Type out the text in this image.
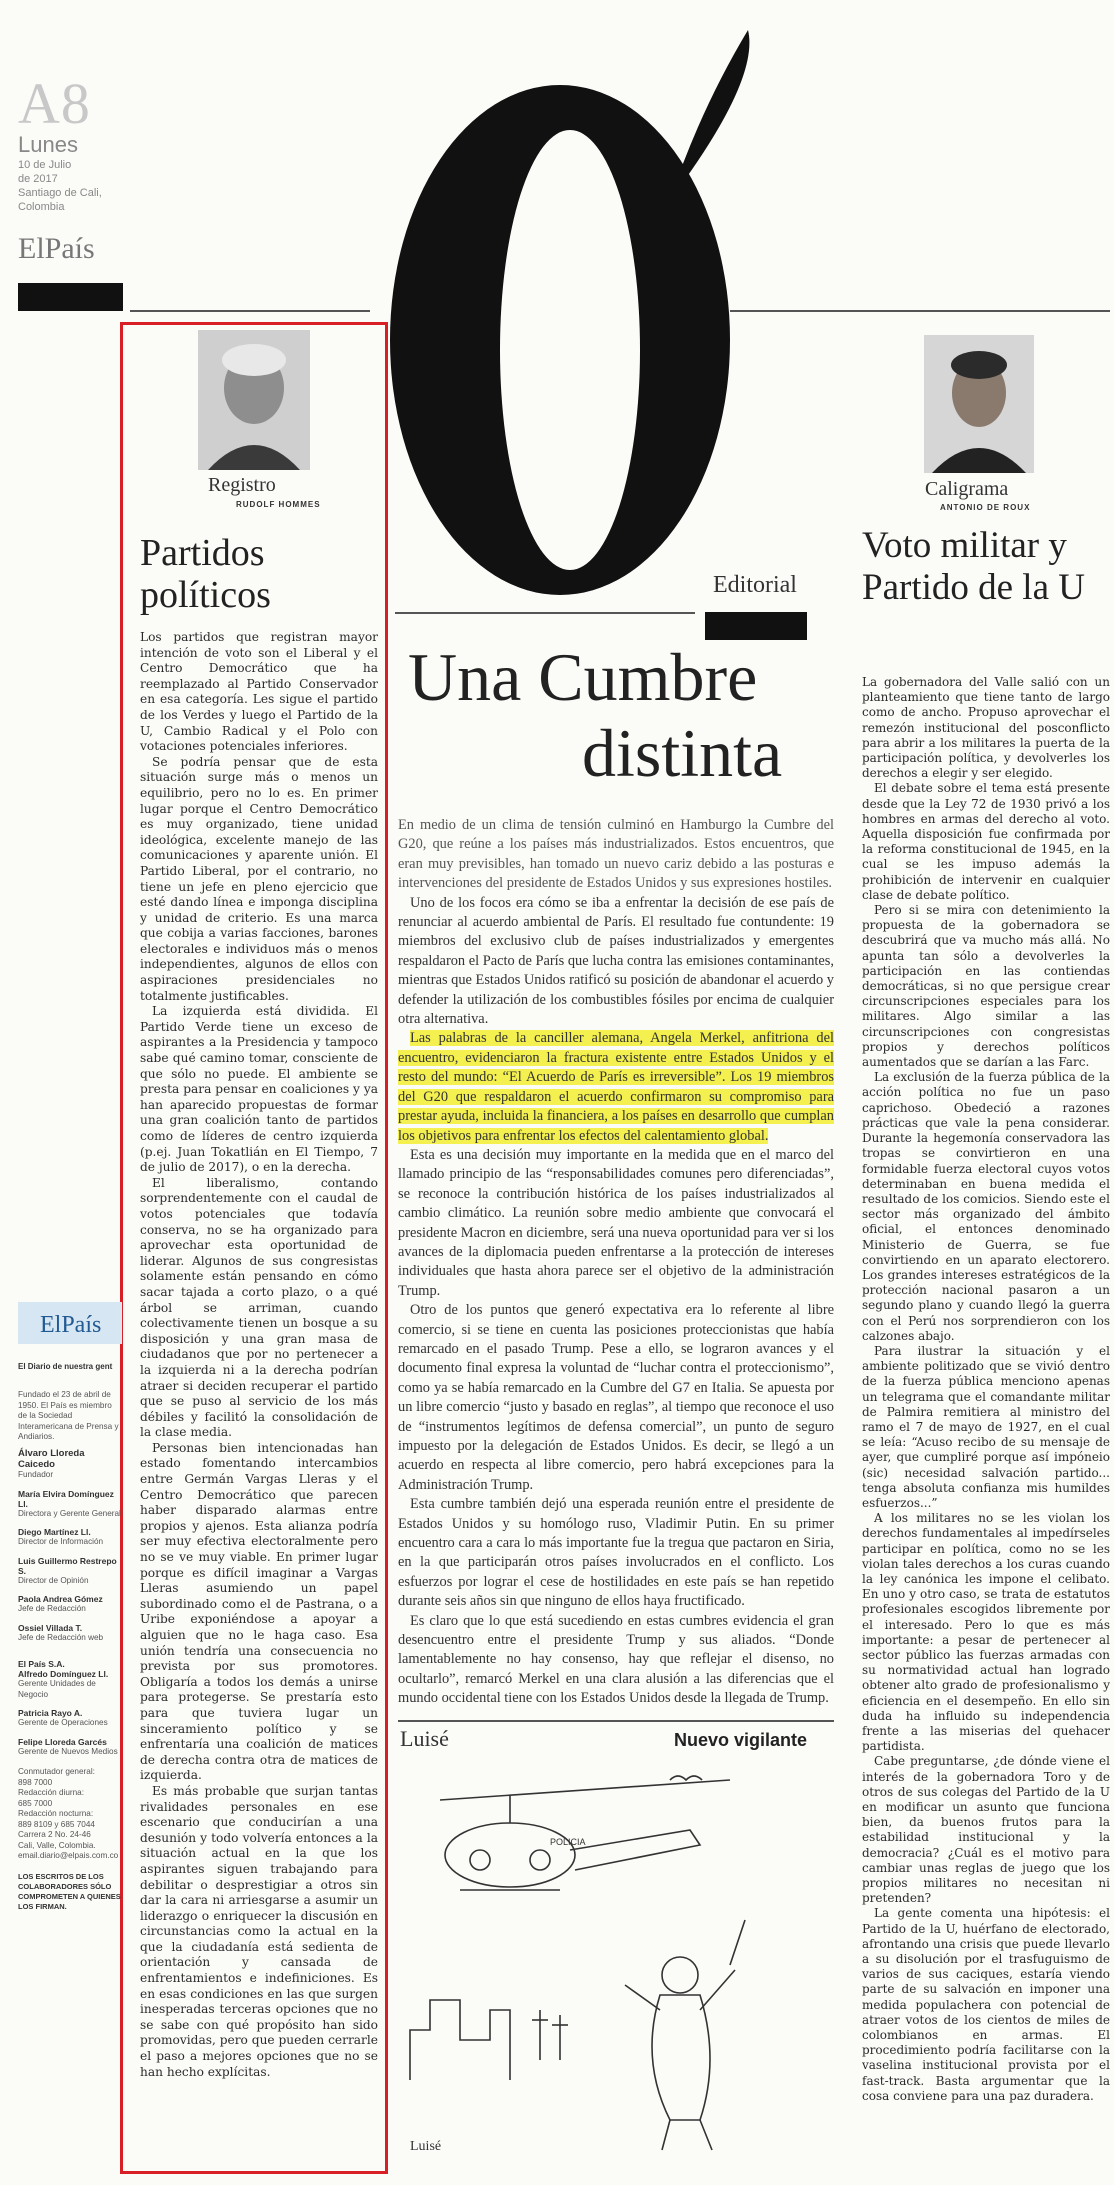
A8
Lunes
10 de Julio
de 2017
Santiago de Cali,
Colombia
ElPaís
Registro
RUDOLF HOMMES
Partidos políticos

Los partidos que registran mayor intención de voto son el Liberal y el Centro Democrático que ha reemplazado al Partido Conservador en esa categoría. Les sigue el partido de los Verdes y luego el Partido de la U, Cambio Radical y el Polo con votaciones potenciales inferiores.

Se podría pensar que de esta situación surge más o menos un equilibrio, pero no lo es. En primer lugar porque el Centro Democrático es muy organizado, tiene unidad ideológica, excelente manejo de las comunicaciones y aparente unión. El Partido Liberal, por el contrario, no tiene un jefe en pleno ejercicio que esté dando línea e imponga disciplina y unidad de criterio. Es una marca que cobija a varias facciones, barones electorales e individuos más o menos independientes, algunos de ellos con aspiraciones presidenciales no totalmente justificables.

La izquierda está dividida. El Partido Verde tiene un exceso de aspirantes a la Presidencia y tampoco sabe qué camino tomar, consciente de que sólo no puede. El ambiente se presta para pensar en coaliciones y ya han aparecido propuestas de formar una gran coalición tanto de partidos como de líderes de centro izquierda (p.ej. Juan Tokatlián en El Tiempo, 7 de julio de 2017), o en la derecha.

El liberalismo, contando sorprendentemente con el caudal de votos potenciales que todavía conserva, no se ha organizado para aprovechar esta oportunidad de liderar. Algunos de sus congresistas solamente están pensando en cómo sacar tajada a corto plazo, o a qué árbol se arriman, cuando colectivamente tienen un bosque a su disposición y una gran masa de ciudadanos que por no pertenecer a la izquierda ni a la derecha podrían atraer si deciden recuperar el partido que se puso al servicio de los más débiles y facilitó la consolidación de la clase media.

Personas bien intencionadas han estado fomentando intercambios entre Germán Vargas Lleras y el Centro Democrático que parecen haber disparado alarmas entre propios y ajenos. Esta alianza podría ser muy efectiva electoralmente pero no se ve muy viable. En primer lugar porque es difícil imaginar a Vargas Lleras asumiendo un papel subordinado como el de Pastrana, o a Uribe exponiéndose a apoyar a alguien que no le haga caso. Esa unión tendría una consecuencia no prevista por sus promotores. Obligaría a todos los demás a unirse para protegerse. Se prestaría esto para que tuviera lugar un sinceramiento político y se enfrentaría una coalición de matices de derecha contra otra de matices de izquierda.

Es más probable que surjan tantas rivalidades personales en ese escenario que conducirían a una desunión y todo volvería entonces a la situación actual en la que los aspirantes siguen trabajando para debilitar o desprestigiar a otros sin dar la cara ni arriesgarse a asumir un liderazgo o enriquecer la discusión en circunstancias como la actual en la que la ciudadanía está sedienta de orientación y cansada de enfrentamientos e indefiniciones. Es en esas condiciones en las que surgen inesperadas terceras opciones que no se sabe con qué propósito han sido promovidas, pero que pueden cerrarle el paso a mejores opciones que no se han hecho explícitas.

ElPaís
El Diario de nuestra gent
Fundado el 23 de abril de 1950. El País es miembro de la Sociedad Interamericana de Prensa y Andiarios.
Álvaro Lloreda Caicedo
Fundador
María Elvira Domínguez Ll.
Directora y Gerente General
Diego Martínez Ll.
Director de Información
Luis Guillermo Restrepo S.
Director de Opinión
Paola Andrea Gómez
Jefe de Redacción
Ossiel Villada T.
Jefe de Redacción web
El País S.A.
Alfredo Domínguez Ll.
Gerente Unidades de Negocio
Patricia Rayo A.
Gerente de Operaciones
Felipe Lloreda Garcés
Gerente de Nuevos Medios
Conmutador general:
898 7000
Redacción diurna:
685 7000
Redacción nocturna:
889 8109 y 685 7044
Carrera 2 No. 24-46
Cali, Valle, Colombia.
email.diario@elpais.com.co
LOS ESCRITOS DE LOS COLABORADORES SÓLO COMPROMETEN A QUIENES LOS FIRMAN.
Editorial
Una Cumbre
distinta

En medio de un clima de tensión culminó en Hamburgo la Cumbre del G20, que reúne a los países más industrializados. Estos encuentros, que eran muy previsibles, han tomado un nuevo cariz debido a las posturas e intervenciones del presidente de Estados Unidos y sus expresiones hostiles.

Uno de los focos era cómo se iba a enfrentar la decisión de ese país de renunciar al acuerdo ambiental de París. El resultado fue contundente: 19 miembros del exclusivo club de países industrializados y emergentes respaldaron el Pacto de París que lucha contra las emisiones contaminantes, mientras que Estados Unidos ratificó su posición de abandonar el acuerdo y defender la utilización de los combustibles fósiles por encima de cualquier otra alternativa.

Las palabras de la canciller alemana, Angela Merkel, anfitriona del encuentro, evidenciaron la fractura existente entre Estados Unidos y el resto del mundo: “El Acuerdo de París es irreversible”. Los 19 miembros del G20 que respaldaron el acuerdo confirmaron su compromiso para prestar ayuda, incluida la financiera, a los países en desarrollo que cumplan los objetivos para enfrentar los efectos del calentamiento global.

Esta es una decisión muy importante en la medida que en el marco del llamado principio de las “responsabilidades comunes pero diferenciadas”, se reconoce la contribución histórica de los países industrializados al cambio climático. La reunión sobre medio ambiente que convocará el presidente Macron en diciembre, será una nueva oportunidad para ver si los avances de la diplomacia pueden enfrentarse a la protección de intereses individuales que hasta ahora parece ser el objetivo de la administración Trump.

Otro de los puntos que generó expectativa era lo referente al libre comercio, si se tiene en cuenta las posiciones proteccionistas que había remarcado en el pasado Trump. Pese a ello, se lograron avances y el documento final expresa la voluntad de “luchar contra el proteccionismo”, como ya se había remarcado en la Cumbre del G7 en Italia. Se apuesta por un libre comercio “justo y basado en reglas”, al tiempo que reconoce el uso de “instrumentos legítimos de defensa comercial”, un punto de seguro impuesto por la delegación de Estados Unidos. Es decir, se llegó a un acuerdo en respecta al libre comercio, pero habrá excepciones para la Administración Trump.

Esta cumbre también dejó una esperada reunión entre el presidente de Estados Unidos y su homólogo ruso, Vladimir Putin. En su primer encuentro cara a cara lo más importante fue la tregua que pactaron en Siria, en la que participarán otros países involucrados en el conflicto. Los esfuerzos por lograr el cese de hostilidades en este país se han repetido durante seis años sin que ninguno de ellos haya fructificado.

Es claro que lo que está sucediendo en estas cumbres evidencia el gran desencuentro entre el presidente Trump y sus aliados. “Donde lamentablemente no hay consenso, hay que reflejar el disenso, no ocultarlo”, remarcó Merkel en una clara alusión a las diferencias que el mundo occidental tiene con los Estados Unidos desde la llegada de Trump.

Luisé	Nuevo vigilante
POLICIA
Luisé
Caligrama
ANTONIO DE ROUX
Voto militar y Partido de la U

La gobernadora del Valle salió con un planteamiento que tiene tanto de largo como de ancho. Propuso aprovechar el remezón institucional del posconflicto para abrir a los militares la puerta de la participación política, y devolverles los derechos a elegir y ser elegido.

El debate sobre el tema está presente desde que la Ley 72 de 1930 privó a los hombres en armas del derecho al voto. Aquella disposición fue confirmada por la reforma constitucional de 1945, en la cual se les impuso además la prohibición de intervenir en cualquier clase de debate político.

Pero si se mira con detenimiento la propuesta de la gobernadora se descubrirá que va mucho más allá. No apunta tan sólo a devolverles la participación en las contiendas democráticas, si no que persigue crear circunscripciones especiales para los militares. Algo similar a las circunscripciones con congresistas propios y derechos políticos aumentados que se darían a las Farc.

La exclusión de la fuerza pública de la acción política no fue un paso caprichoso. Obedeció a razones prácticas que vale la pena considerar. Durante la hegemonía conservadora las tropas se convirtieron en una formidable fuerza electoral cuyos votos determinaban en buena medida el resultado de los comicios. Siendo este el sector más organizado del ámbito oficial, el entonces denominado Ministerio de Guerra, se fue convirtiendo en un aparato electorero. Los grandes intereses estratégicos de la protección nacional pasaron a un segundo plano y cuando llegó la guerra con el Perú nos sorprendieron con los calzones abajo.

Para ilustrar la situación y el ambiente politizado que se vivió dentro de la fuerza pública menciono apenas un telegrama que el comandante militar de Palmira remitiera al ministro del ramo el 7 de mayo de 1927, en el cual se leía: “Acuso recibo de su mensaje de ayer, que cumpliré porque así impóneio (sic) necesidad salvación partido... tenga absoluta confianza mis humildes esfuerzos...”

A los militares no se les violan los derechos fundamentales al impedírseles participar en política, como no se les violan tales derechos a los curas cuando la ley canónica les impone el celibato. En uno y otro caso, se trata de estatutos profesionales escogidos libremente por el interesado. Pero lo que es más importante: a pesar de pertenecer al sector público las fuerzas armadas con su normatividad actual han logrado obtener alto grado de profesionalismo y eficiencia en el desempeño. En ello sin duda ha influido su independencia frente a las miserias del quehacer partidista.

Cabe preguntarse, ¿de dónde viene el interés de la gobernadora Toro y de otros de sus colegas del Partido de la U en modificar un asunto que funciona bien, da buenos frutos para la estabilidad institucional y la democracia? ¿Cuál es el motivo para cambiar unas reglas de juego que los propios militares no necesitan ni pretenden?

La gente comenta una hipótesis: el Partido de la U, huérfano de electorado, afrontando una crisis que puede llevarlo a su disolución por el trasfuguismo de varios de sus caciques, estaría viendo parte de su salvación en imponer una medida populachera con potencial de atraer votos de los cientos de miles de colombianos en armas. El procedimiento podría facilitarse con la vaselina institucional provista por el fast-track. Basta argumentar que la cosa conviene para una paz duradera.
